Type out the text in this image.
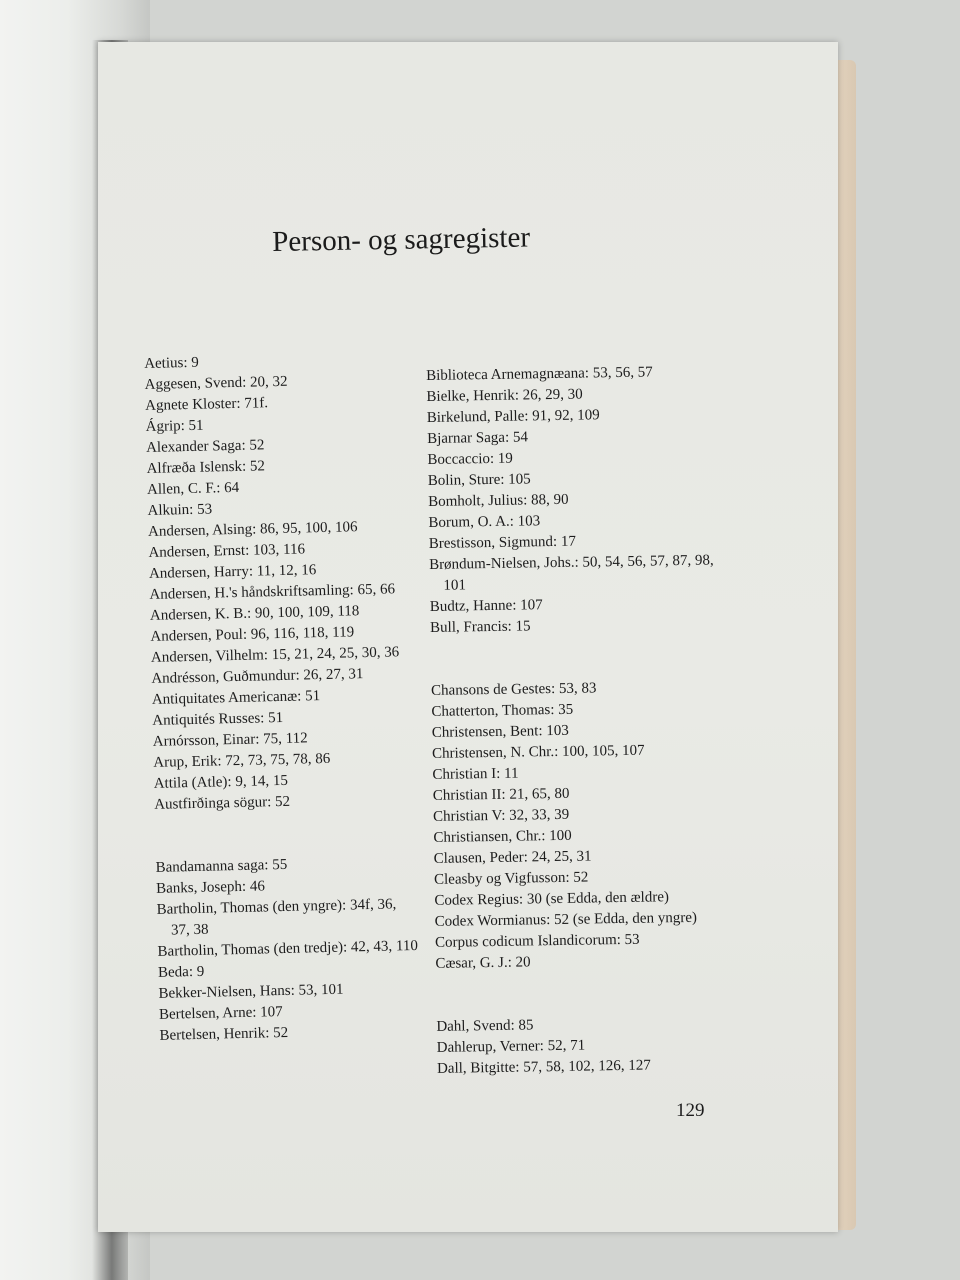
Person- og sagregister
Aetius: 9
Aggesen, Svend: 20, 32
Agnete Kloster: 71f.
Ágrip: 51
Alexander Saga: 52
Alfræða Islensk: 52
Allen, C. F.: 64
Alkuin: 53
Andersen, Alsing: 86, 95, 100, 106
Andersen, Ernst: 103, 116
Andersen, Harry: 11, 12, 16
Andersen, H.'s håndskriftsamling: 65, 66
Andersen, K. B.: 90, 100, 109, 118
Andersen, Poul: 96, 116, 118, 119
Andersen, Vilhelm: 15, 21, 24, 25, 30, 36
Andrésson, Guðmundur: 26, 27, 31
Antiquitates Americanæ: 51
Antiquités Russes: 51
Arnórsson, Einar: 75, 112
Arup, Erik: 72, 73, 75, 78, 86
Attila (Atle): 9, 14, 15
Austfirðinga sögur: 52
Bandamanna saga: 55
Banks, Joseph: 46
Bartholin, Thomas (den yngre): 34f, 36, 37, 38
Bartholin, Thomas (den tredje): 42, 43, 110
Beda: 9
Bekker-Nielsen, Hans: 53, 101
Bertelsen, Arne: 107
Bertelsen, Henrik: 52
Biblioteca Arnemagnæana: 53, 56, 57
Bielke, Henrik: 26, 29, 30
Birkelund, Palle: 91, 92, 109
Bjarnar Saga: 54
Boccaccio: 19
Bolin, Sture: 105
Bomholt, Julius: 88, 90
Borum, O. A.: 103
Brestisson, Sigmund: 17
Brøndum-Nielsen, Johs.: 50, 54, 56, 57, 87, 98, 101
Budtz, Hanne: 107
Bull, Francis: 15
Chansons de Gestes: 53, 83
Chatterton, Thomas: 35
Christensen, Bent: 103
Christensen, N. Chr.: 100, 105, 107
Christian I: 11
Christian II: 21, 65, 80
Christian V: 32, 33, 39
Christiansen, Chr.: 100
Clausen, Peder: 24, 25, 31
Cleasby og Vigfusson: 52
Codex Regius: 30 (se Edda, den ældre)
Codex Wormianus: 52 (se Edda, den yngre)
Corpus codicum Islandicorum: 53
Cæsar, G. J.: 20
Dahl, Svend: 85
Dahlerup, Verner: 52, 71
Dall, Bitgitte: 57, 58, 102, 126, 127
129
